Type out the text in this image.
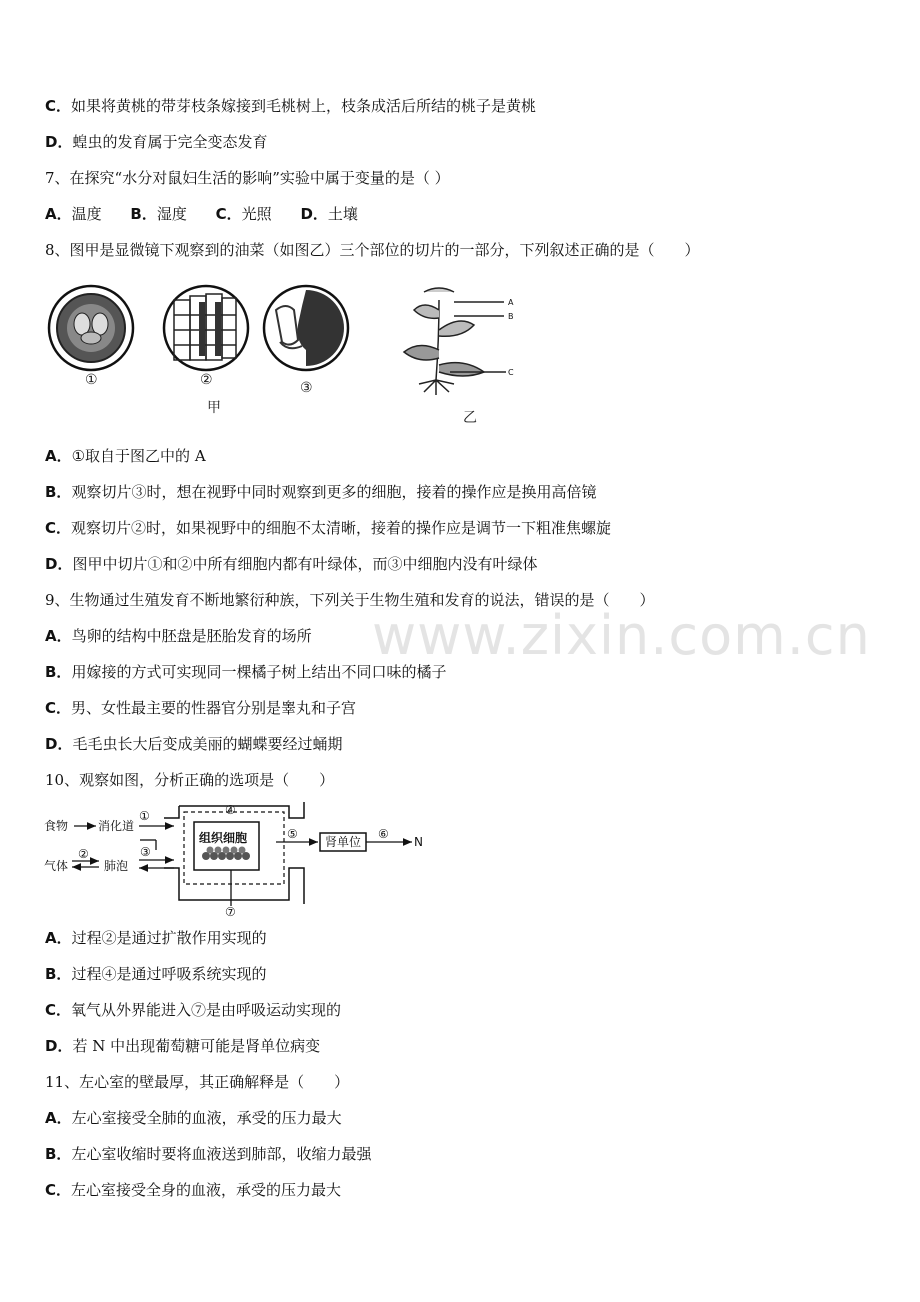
C．如果将黄桃的带芽枝条嫁接到毛桃树上，枝条成活后所结的桃子是黄桃
D．蝗虫的发育属于完全变态发育
7、在探究“水分对鼠妇生活的影响”实验中属于变量的是（ ）
A．温度 B．湿度 C．光照 D．土壤
8、图甲是显微镜下观察到的油菜（如图乙）三个部位的切片的一部分，下列叙述正确的是（　　）
①	②	③
甲
A
B
C
乙
A．①取自于图乙中的 A
B．观察切片③时，想在视野中同时观察到更多的细胞，接着的操作应是换用高倍镜
C．观察切片②时，如果视野中的细胞不太清晰，接着的操作应是调节一下粗准焦螺旋
D．图甲中切片①和②中所有细胞内都有叶绿体，而③中细胞内没有叶绿体
9、生物通过生殖发育不断地繁衍种族，下列关于生物生殖和发育的说法，错误的是（　　）
A．鸟卵的结构中胚盘是胚胎发育的场所
B．用嫁接的方式可实现同一棵橘子树上结出不同口味的橘子
C．男、女性最主要的性器官分别是睾丸和子宫
D．毛毛虫长大后变成美丽的蝴蝶要经过蛹期
10、观察如图，分析正确的选项是（　　）
食物 消化道
气体	肺泡
组织细胞	肾单位
①
②	③
④
⑤	⑥
⑦
N
A．过程②是通过扩散作用实现的
B．过程④是通过呼吸系统实现的
C．氧气从外界能进入⑦是由呼吸运动实现的
D．若 N 中出现葡萄糖可能是肾单位病变
11、左心室的壁最厚，其正确解释是（　　）
A．左心室接受全肺的血液，承受的压力最大
B．左心室收缩时要将血液送到肺部，收缩力最强
C．左心室接受全身的血液，承受的压力最大
www.zixin.com.cn
